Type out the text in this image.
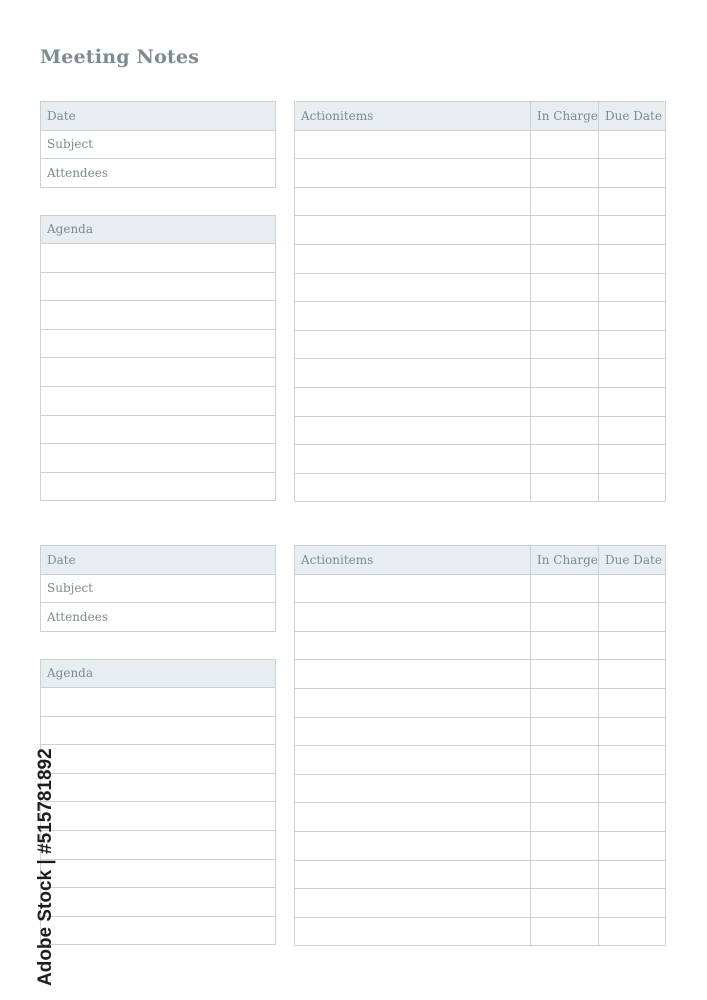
Meeting Notes
Date
Subject
Attendees
Agenda

Actionitems	In Charge	Due Date

Date
Subject
Attendees
Agenda

Actionitems	In Charge	Due Date

Adobe Stock | #515781892
